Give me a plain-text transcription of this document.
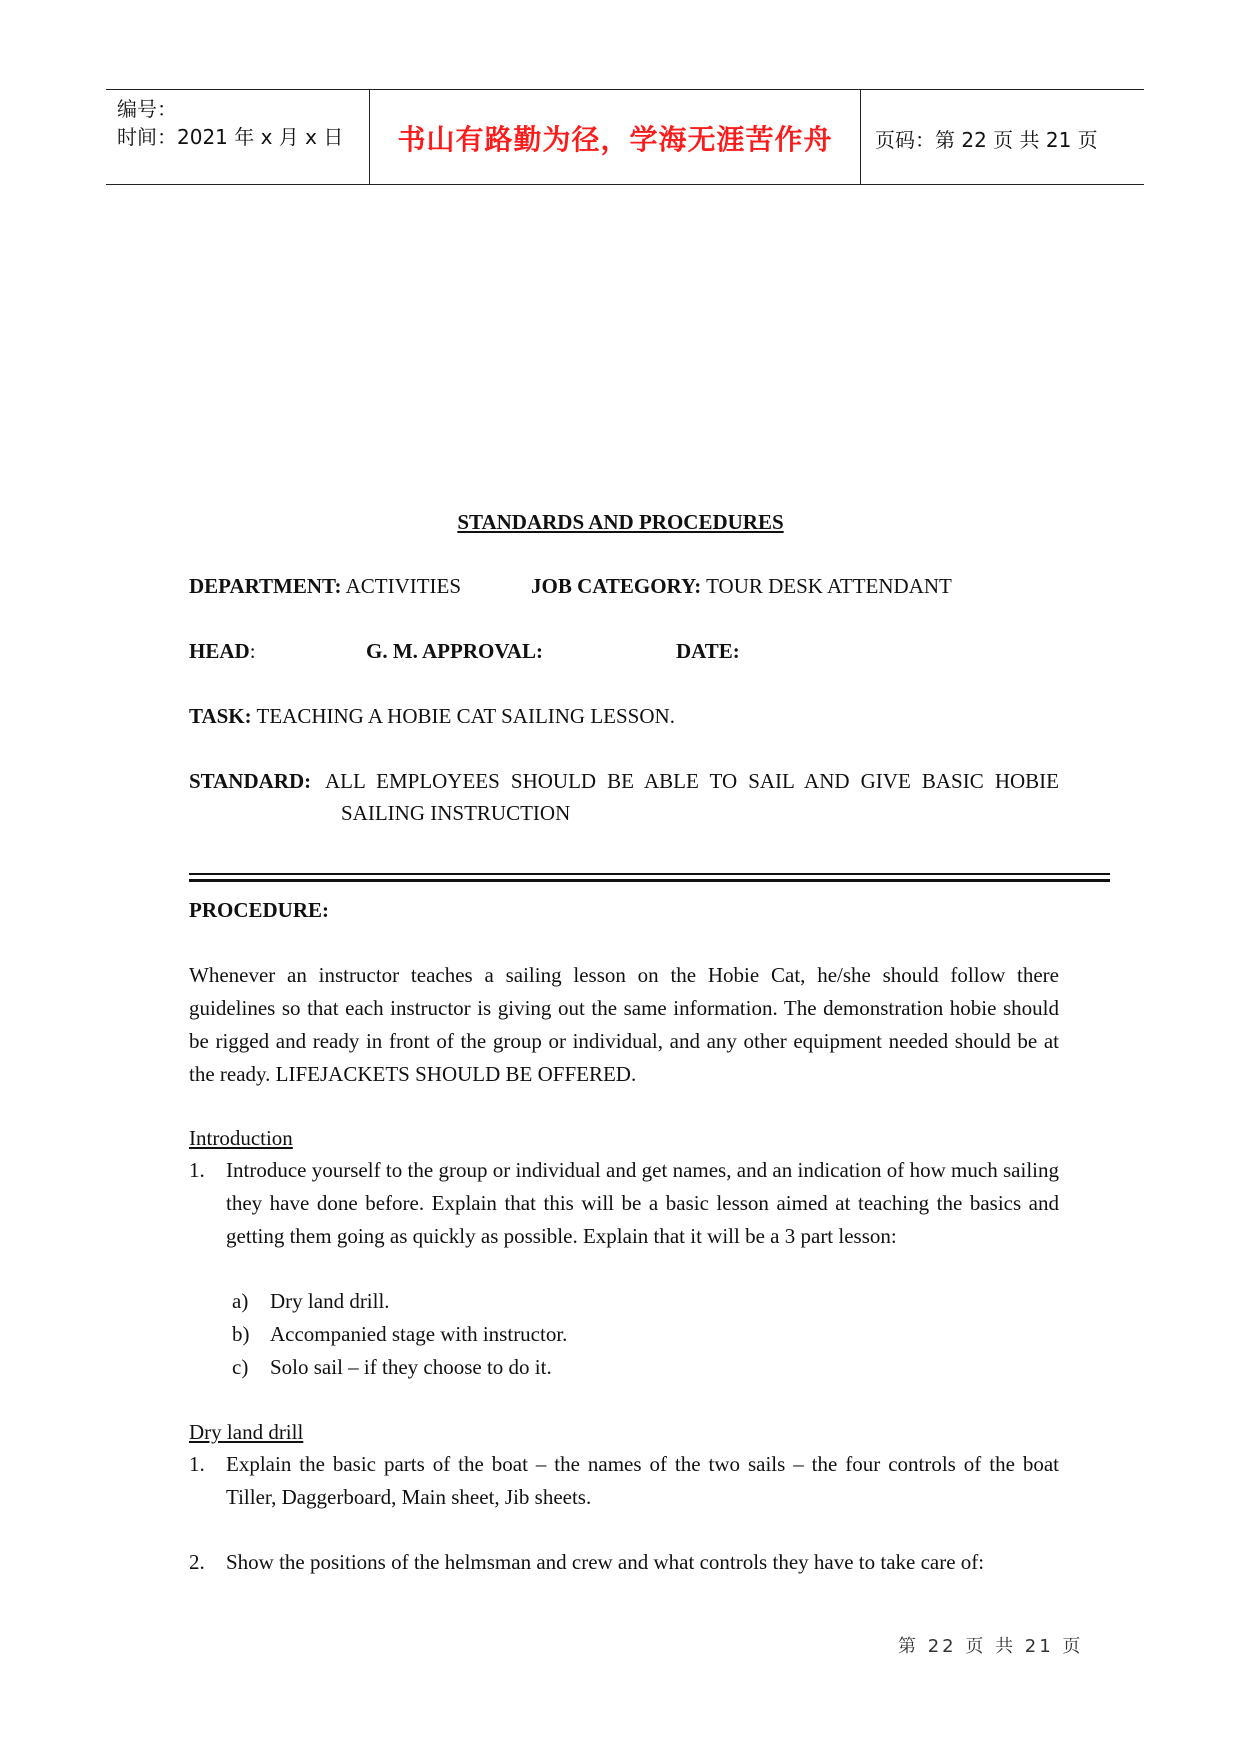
编号：
时间：2021 年 x 月 x 日	书山有路勤为径，学海无涯苦作舟	页码：第 22 页 共 21 页
STANDARDS AND PROCEDURES
DEPARTMENT: ACTIVITIES	JOB CATEGORY: TOUR DESK ATTENDANT
HEAD:	G. M. APPROVAL:	DATE:
TASK: TEACHING A HOBIE CAT SAILING LESSON.
STANDARD: ALL EMPLOYEES SHOULD BE ABLE TO SAIL AND GIVE BASIC HOBIE
SAILING INSTRUCTION
PROCEDURE:
Whenever an instructor teaches a sailing lesson on the Hobie Cat, he/she should follow there guidelines so that each instructor is giving out the same information. The demonstration hobie should be rigged and ready in front of the group or individual, and any other equipment needed should be at the ready. LIFEJACKETS SHOULD BE OFFERED.
Introduction
1. Introduce yourself to the group or individual and get names, and an indication of how much sailing they have done before. Explain that this will be a basic lesson aimed at teaching the basics and getting them going as quickly as possible. Explain that it will be a 3 part lesson:
a) Dry land drill.
b) Accompanied stage with instructor.
c) Solo sail – if they choose to do it.
Dry land drill
1. Explain the basic parts of the boat – the names of the two sails – the four controls of the boat Tiller, Daggerboard, Main sheet, Jib sheets.
2. Show the positions of the helmsman and crew and what controls they have to take care of:
第 22 页 共 21 页
